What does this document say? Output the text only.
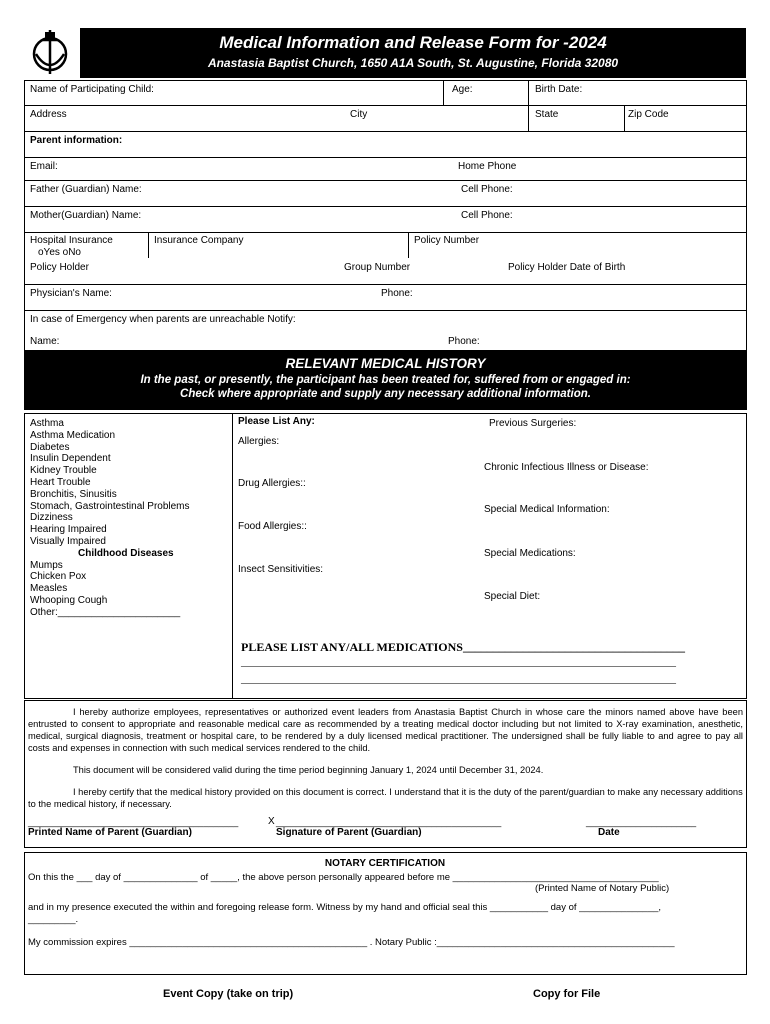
Medical Information and Release Form for -2024
Anastasia Baptist Church, 1650 A1A South, St. Augustine, Florida 32080
Name of Participating Child:	Age:	Birth Date:
Address	City	State	Zip Code
Parent information:
Email:	Home Phone
Father (Guardian) Name:	Cell Phone:
Mother(Guardian) Name:	Cell Phone:
Hospital Insurance
oYes oNo
Insurance Company	Policy Number
Policy Holder	Group Number	Policy Holder Date of Birth
Physician's Name:	Phone:
In case of Emergency when parents are unreachable Notify:
Name:	Phone:
RELEVANT MEDICAL HISTORY
In the past, or presently, the participant has been treated for, suffered from or engaged in:
Check where appropriate and supply any necessary additional information.
Asthma
Asthma Medication
Diabetes
Insulin Dependent
Kidney Trouble
Heart Trouble
Bronchitis, Sinusitis
Stomach, Gastrointestinal Problems
Dizziness
Hearing Impaired
Visually Impaired
Childhood Diseases
Mumps
Chicken Pox
Measles
Whooping Cough
Other:______________________
Please List Any:
Allergies:
Drug Allergies::
Food Allergies::
Insect Sensitivities:
Previous Surgeries:
Chronic Infectious Illness or Disease:
Special Medical Information:
Special Medications:
Special Diet:
PLEASE LIST ANY/ALL MEDICATIONS_____________________________________
_______________________________________________________________________________________
_______________________________________________________________________________________
I hereby authorize employees, representatives or authorized event leaders from Anastasia Baptist Church in whose care the minors named above have been entrusted to consent to appropriate and reasonable medical care as recommended by a treating medical doctor including but not limited to X-ray examination, anesthetic, medical, surgical diagnosis, treatment or hospital care, to be rendered by a duly licensed medical practitioner. The undersigned shall be fully liable to and agree to pay all costs and expenses in connection with such medical services rendered to the child.
This document will be considered valid during the time period beginning January 1, 2024 until December 31, 2024.
I hereby certify that the medical history provided on this document is correct. I understand that it is the duty of the parent/guardian to make any necessary additions to the medical history, if necessary.
__________________________________________	X _____________________________________________	______________________
Printed Name of Parent (Guardian)	Signature of Parent (Guardian)	Date
NOTARY CERTIFICATION
On this the ___ day of ______________ of _____, the above person personally appeared before me _______________________________________
(Printed Name of Notary Public)
and in my presence executed the within and foregoing release form. Witness by my hand and official seal this ___________ day of _______________,
_________.
My commission expires _____________________________________________ . Notary Public :_____________________________________________
Event Copy (take on trip)	Copy for File
